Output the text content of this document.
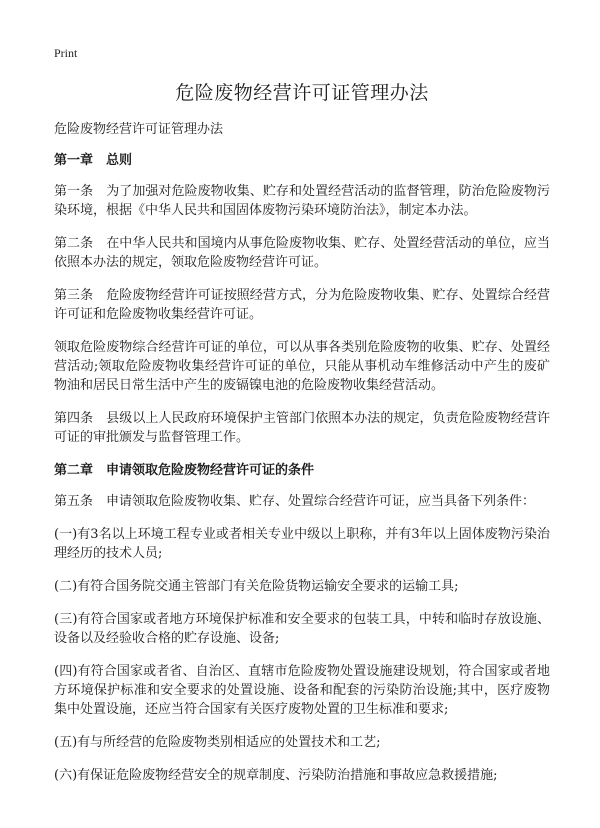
Print
危险废物经营许可证管理办法

危险废物经营许可证管理办法

第一章　总则

第一条　为了加强对危险废物收集、贮存和处置经营活动的监督管理，防治危险废物污染环境，根据《中华人民共和国固体废物污染环境防治法》，制定本办法。

第二条　在中华人民共和国境内从事危险废物收集、贮存、处置经营活动的单位，应当依照本办法的规定，领取危险废物经营许可证。

第三条　危险废物经营许可证按照经营方式，分为危险废物收集、贮存、处置综合经营许可证和危险废物收集经营许可证。

领取危险废物综合经营许可证的单位，可以从事各类别危险废物的收集、贮存、处置经营活动;领取危险废物收集经营许可证的单位，只能从事机动车维修活动中产生的废矿物油和居民日常生活中产生的废镉镍电池的危险废物收集经营活动。

第四条　县级以上人民政府环境保护主管部门依照本办法的规定，负责危险废物经营许可证的审批颁发与监督管理工作。

第二章　申请领取危险废物经营许可证的条件

第五条　申请领取危险废物收集、贮存、处置综合经营许可证，应当具备下列条件：

(一)有3名以上环境工程专业或者相关专业中级以上职称，并有3年以上固体废物污染治理经历的技术人员;

(二)有符合国务院交通主管部门有关危险货物运输安全要求的运输工具;

(三)有符合国家或者地方环境保护标准和安全要求的包装工具，中转和临时存放设施、设备以及经验收合格的贮存设施、设备;

(四)有符合国家或者省、自治区、直辖市危险废物处置设施建设规划，符合国家或者地方环境保护标准和安全要求的处置设施、设备和配套的污染防治设施;其中，医疗废物集中处置设施，还应当符合国家有关医疗废物处置的卫生标准和要求;

(五)有与所经营的危险废物类别相适应的处置技术和工艺;

(六)有保证危险废物经营安全的规章制度、污染防治措施和事故应急救援措施;
